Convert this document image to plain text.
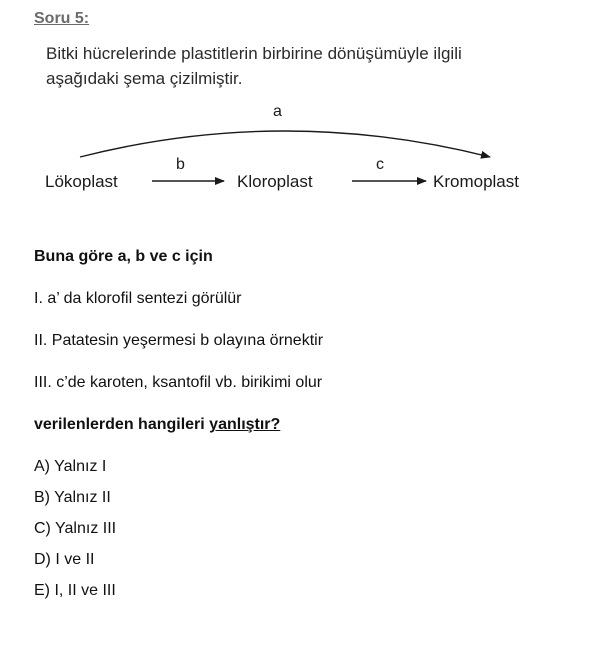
Soru 5:
Bitki hücrelerinde plastitlerin birbirine dönüşümüyle ilgili
aşağıdaki şema çizilmiştir.
a
b	c
Lökoplast	Kloroplast	Kromoplast
Buna göre a, b ve c için
I. a’ da klorofil sentezi görülür
II. Patatesin yeşermesi b olayına örnektir
III. c’de karoten, ksantofil vb. birikimi olur
verilenlerden hangileri yanlıştır?
A) Yalnız I
B) Yalnız II
C) Yalnız III
D) I ve II
E) I, II ve III
